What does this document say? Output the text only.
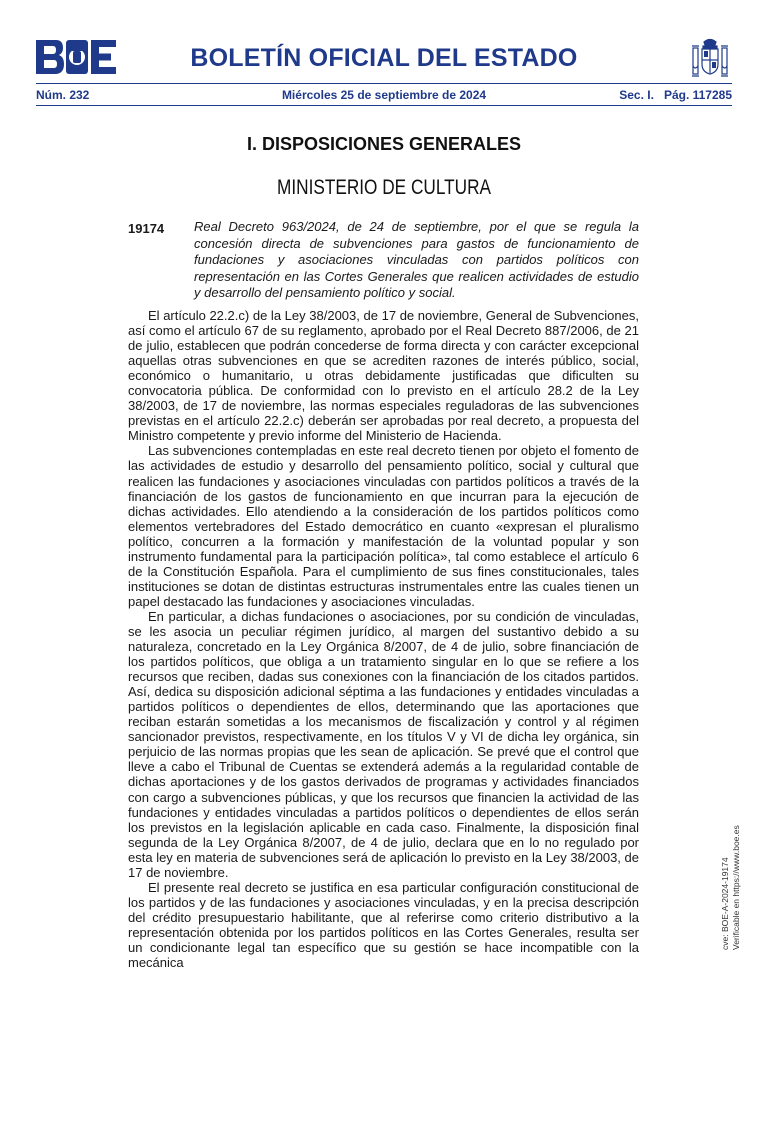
BOLETÍN OFICIAL DEL ESTADO
Núm. 232	Miércoles 25 de septiembre de 2024	Sec. I.   Pág. 117285
I. DISPOSICIONES GENERALES
MINISTERIO DE CULTURA
19174 Real Decreto 963/2024, de 24 de septiembre, por el que se regula la concesión directa de subvenciones para gastos de funcionamiento de fundaciones y asociaciones vinculadas con partidos políticos con representación en las Cortes Generales que realicen actividades de estudio y desarrollo del pensamiento político y social.

El artículo 22.2.c) de la Ley 38/2003, de 17 de noviembre, General de Subvenciones, así como el artículo 67 de su reglamento, aprobado por el Real Decreto 887/2006, de 21 de julio, establecen que podrán concederse de forma directa y con carácter excepcional aquellas otras subvenciones en que se acrediten razones de interés público, social, económico o humanitario, u otras debidamente justificadas que dificulten su convocatoria pública. De conformidad con lo previsto en el artículo 28.2 de la Ley 38/2003, de 17 de noviembre, las normas especiales reguladoras de las subvenciones previstas en el artículo 22.2.c) deberán ser aprobadas por real decreto, a propuesta del Ministro competente y previo informe del Ministerio de Hacienda.

Las subvenciones contempladas en este real decreto tienen por objeto el fomento de las actividades de estudio y desarrollo del pensamiento político, social y cultural que realicen las fundaciones y asociaciones vinculadas con partidos políticos a través de la financiación de los gastos de funcionamiento en que incurran para la ejecución de dichas actividades. Ello atendiendo a la consideración de los partidos políticos como elementos vertebradores del Estado democrático en cuanto «expresan el pluralismo político, concurren a la formación y manifestación de la voluntad popular y son instrumento fundamental para la participación política», tal como establece el artículo 6 de la Constitución Española. Para el cumplimiento de sus fines constitucionales, tales instituciones se dotan de distintas estructuras instrumentales entre las cuales tienen un papel destacado las fundaciones y asociaciones vinculadas.

En particular, a dichas fundaciones o asociaciones, por su condición de vinculadas, se les asocia un peculiar régimen jurídico, al margen del sustantivo debido a su naturaleza, concretado en la Ley Orgánica 8/2007, de 4 de julio, sobre financiación de los partidos políticos, que obliga a un tratamiento singular en lo que se refiere a los recursos que reciben, dadas sus conexiones con la financiación de los citados partidos. Así, dedica su disposición adicional séptima a las fundaciones y entidades vinculadas a partidos políticos o dependientes de ellos, determinando que las aportaciones que reciban estarán sometidas a los mecanismos de fiscalización y control y al régimen sancionador previstos, respectivamente, en los títulos V y VI de dicha ley orgánica, sin perjuicio de las normas propias que les sean de aplicación. Se prevé que el control que lleve a cabo el Tribunal de Cuentas se extenderá además a la regularidad contable de dichas aportaciones y de los gastos derivados de programas y actividades financiados con cargo a subvenciones públicas, y que los recursos que financien la actividad de las fundaciones y entidades vinculadas a partidos políticos o dependientes de ellos serán los previstos en la legislación aplicable en cada caso. Finalmente, la disposición final segunda de la Ley Orgánica 8/2007, de 4 de julio, declara que en lo no regulado por esta ley en materia de subvenciones será de aplicación lo previsto en la Ley 38/2003, de 17 de noviembre.

El presente real decreto se justifica en esa particular configuración constitucional de los partidos y de las fundaciones y asociaciones vinculadas, y en la precisa descripción del crédito presupuestario habilitante, que al referirse como criterio distributivo a la representación obtenida por los partidos políticos en las Cortes Generales, resulta ser un condicionante legal tan específico que su gestión se hace incompatible con la mecánica

cve: BOE-A-2024-19174 Verificable en https://www.boe.es
